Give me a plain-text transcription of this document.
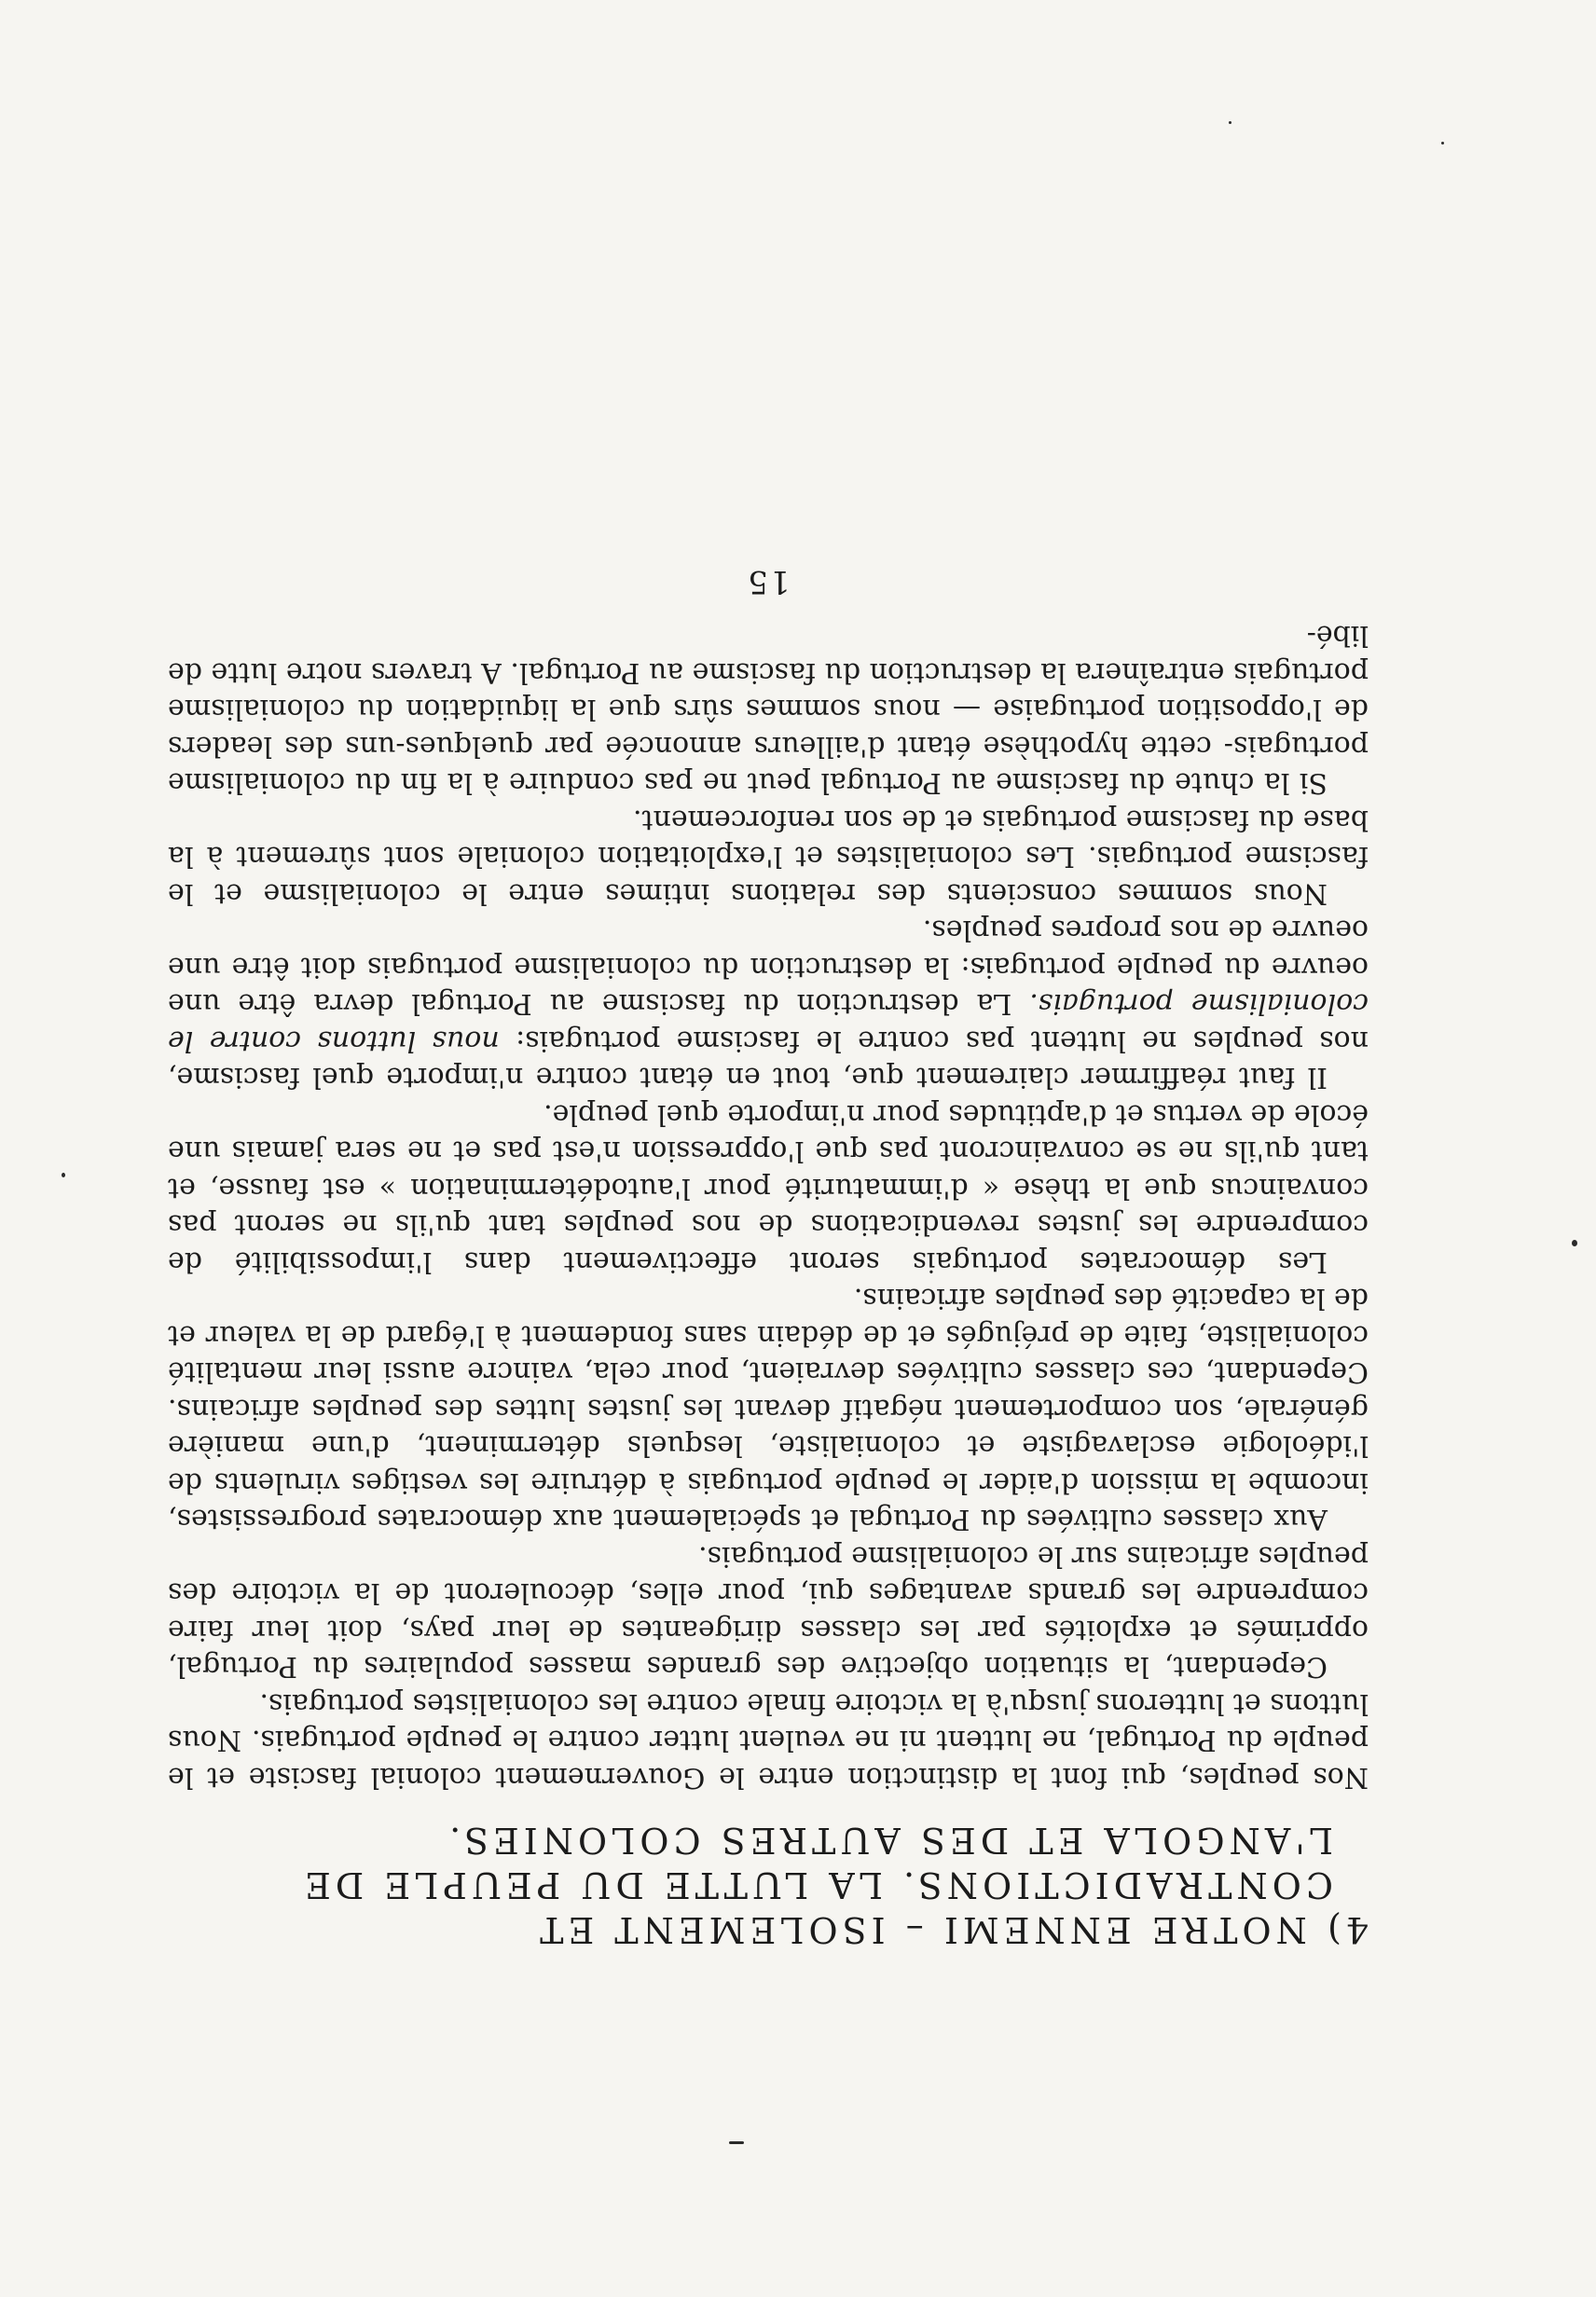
4) NOTRE ENNEMI – ISOLEMENT ET
CONTRADICTIONS. LA LUTTE DU PEUPLE DE
L'ANGOLA ET DES AUTRES COLONIES.

Nos peuples, qui font la distinction entre le Gouvernement colonial fasciste et le peuple du Portugal, ne luttent ni ne veulent lutter contre le peuple portugais. Nous luttons et lutterons jusqu'à la victoire finale contre les colonialistes portugais.

Cependant, la situation objective des grandes masses populaires du Portugal, opprimés et exploités par les classes dirigeantes de leur pays, doit leur faire comprendre les grands avantages qui, pour elles, découleront de la victoire des peuples africains sur le colonialisme portugais.

Aux classes cultivées du Portugal et spécialement aux démocrates progressistes, incombe la mission d'aider le peuple portugais à détruire les vestiges virulents de l'idéologie esclavagiste et colonialiste, lesquels déterminent, d'une manière générale, son comportement négatif devant les justes luttes des peuples africains. Cependant, ces classes cultivées devraient, pour cela, vaincre aussi leur mentalité colonialiste, faite de préjugés et de dédain sans fondement à l'égard de la valeur et de la capacité des peuples africains.

Les démocrates portugais seront effectivement dans l'impossibilité de comprendre les justes revendications de nos peuples tant qu'ils ne seront pas convaincus que la thèse « d'immaturité pour l'autodétermination » est fausse, et tant qu'ils ne se convaincront pas que l'oppression n'est pas et ne sera jamais une école de vertus et d'aptitudes pour n'importe quel peuple.

Il faut réaffirmer clairement que, tout en étant contre n'importe quel fascisme, nos peuples ne luttent pas contre le fascisme portugais: nous luttons contre le colonialisme portugais. La destruction du fascisme au Portugal devra être une oeuvre du peuple portugais: la destruction du colonialisme portugais doit être une oeuvre de nos propres peuples.

Nous sommes conscients des relations intimes entre le colonialisme et le fascisme portugais. Les colonialistes et l'exploitation coloniale sont sûrement à la base du fascisme portugais et de son renforcement.

Si la chute du fascisme au Portugal peut ne pas conduire à la fin du colonialisme portugais- cette hypothèse étant d'ailleurs annoncée par quelques-uns des leaders de l'opposition portugaise — nous sommes sûrs que la liquidation du colonialisme portugais entraînera la destruction du fascisme au Portugal. A travers notre lutte de libé-

15
